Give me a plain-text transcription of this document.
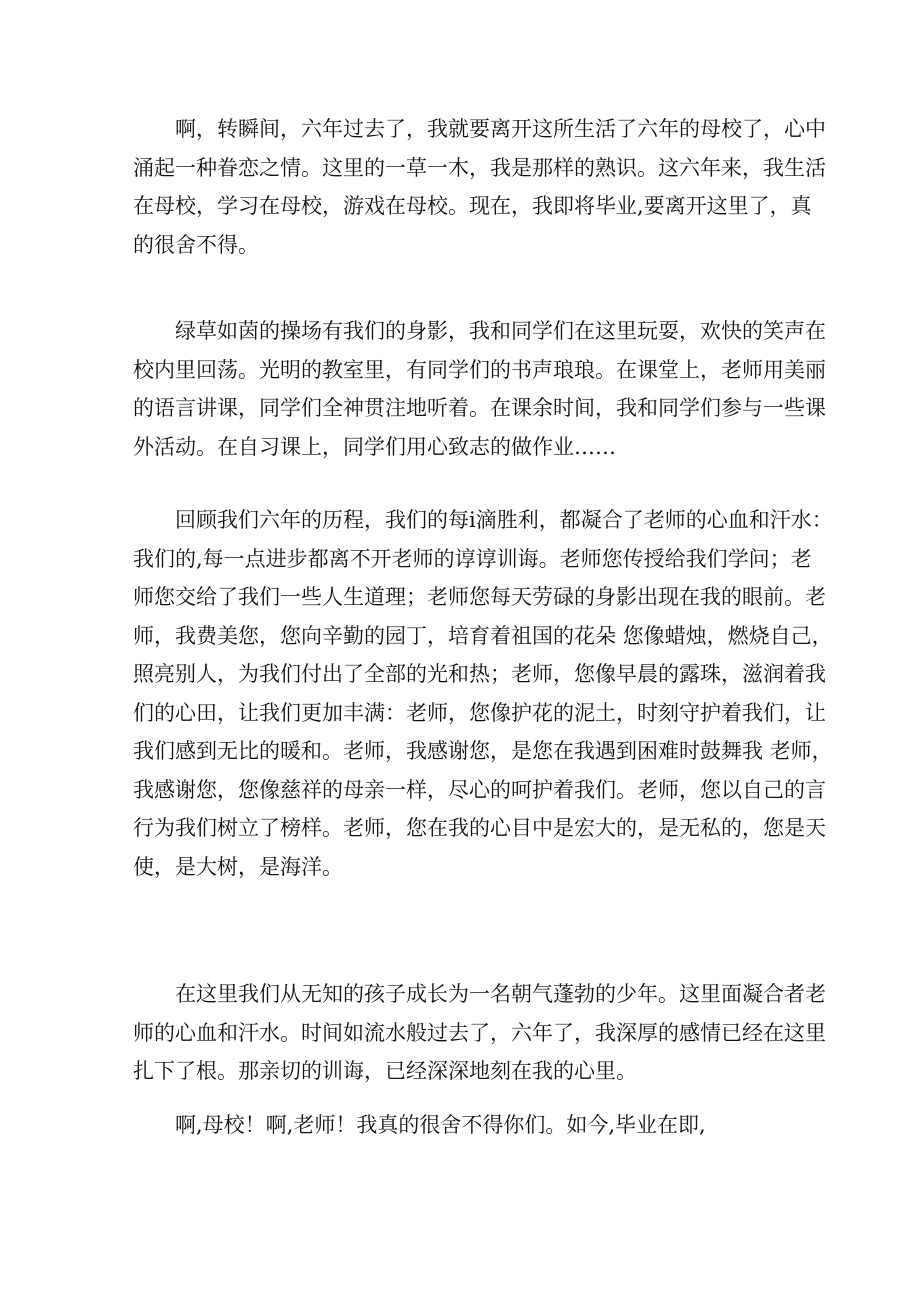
啊，转瞬间，六年过去了，我就要离开这所生活了六年的母校了，心中
涌起一种眷恋之情。这里的一草一木，我是那样的熟识。这六年来，我生活
在母校，学习在母校，游戏在母校。现在，我即将毕业,要离开这里了，真
的很舍不得。
绿草如茵的操场有我们的身影，我和同学们在这里玩耍，欢快的笑声在
校内里回荡。光明的教室里，有同学们的书声琅琅。在课堂上，老师用美丽
的语言讲课，同学们全神贯注地听着。在课余时间，我和同学们参与一些课
外活动。在自习课上，同学们用心致志的做作业……
回顾我们六年的历程，我们的每i滴胜利，都凝合了老师的心血和汗水：
我们的,每一点进步都离不开老师的谆谆训诲。老师您传授给我们学问；老
师您交给了我们一些人生道理；老师您每天劳碌的身影出现在我的眼前。老
师，我费美您，您向辛勤的园丁，培育着祖国的花朵 您像蜡烛，燃烧自己，
照亮别人，为我们付出了全部的光和热；老师，您像早晨的露珠，滋润着我
们的心田，让我们更加丰满：老师，您像护花的泥土，时刻守护着我们，让
我们感到无比的暖和。老师，我感谢您，是您在我遇到困难时鼓舞我 老师，
我感谢您，您像慈祥的母亲一样，尽心的呵护着我们。老师，您以自己的言
行为我们树立了榜样。老师，您在我的心目中是宏大的，是无私的，您是天
使，是大树，是海洋。
在这里我们从无知的孩子成长为一名朝气蓬勃的少年。这里面凝合者老
师的心血和汗水。时间如流水般过去了，六年了，我深厚的感情已经在这里
扎下了根。那亲切的训诲，已经深深地刻在我的心里。
啊,母校！啊,老师！我真的很舍不得你们。如今,毕业在即,
